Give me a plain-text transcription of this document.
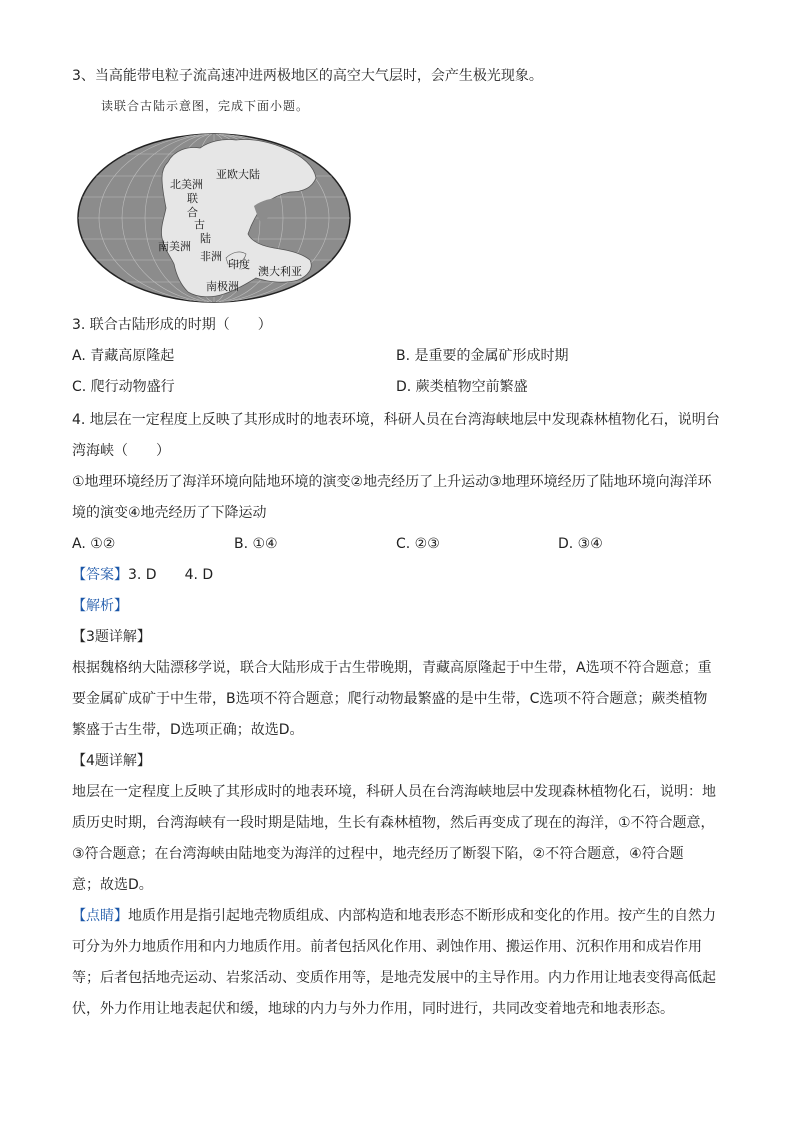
3、当高能带电粒子流高速冲进两极地区的高空大气层时，会产生极光现象。
读联合古陆示意图，完成下面小题。
亚欧大陆
北美洲
联
合
古
陆
南美洲
非洲
印度
澳大利亚
南极洲
3. 联合古陆形成的时期（　　）
A. 青藏高原隆起	B. 是重要的金属矿形成时期
C. 爬行动物盛行	D. 蕨类植物空前繁盛
4. 地层在一定程度上反映了其形成时的地表环境，科研人员在台湾海峡地层中发现森林植物化石，说明台
湾海峡（　　）
①地理环境经历了海洋环境向陆地环境的演变②地壳经历了上升运动③地理环境经历了陆地环境向海洋环
境的演变④地壳经历了下降运动
A. ①②	B. ①④	C. ②③	D. ③④
【答案】3. D　　4. D
【解析】
【3题详解】
根据魏格纳大陆漂移学说，联合大陆形成于古生带晚期，青藏高原隆起于中生带，A选项不符合题意；重
要金属矿成矿于中生带，B选项不符合题意；爬行动物最繁盛的是中生带，C选项不符合题意；蕨类植物
繁盛于古生带，D选项正确；故选D。
【4题详解】
地层在一定程度上反映了其形成时的地表环境，科研人员在台湾海峡地层中发现森林植物化石，说明：地
质历史时期，台湾海峡有一段时期是陆地，生长有森林植物，然后再变成了现在的海洋，①不符合题意，
③符合题意；在台湾海峡由陆地变为海洋的过程中，地壳经历了断裂下陷，②不符合题意，④符合题
意；故选D。
【点睛】地质作用是指引起地壳物质组成、内部构造和地表形态不断形成和变化的作用。按产生的自然力
可分为外力地质作用和内力地质作用。前者包括风化作用、剥蚀作用、搬运作用、沉积作用和成岩作用
等；后者包括地壳运动、岩浆活动、变质作用等，是地壳发展中的主导作用。内力作用让地表变得高低起
伏，外力作用让地表起伏和缓，地球的内力与外力作用，同时进行，共同改变着地壳和地表形态。
